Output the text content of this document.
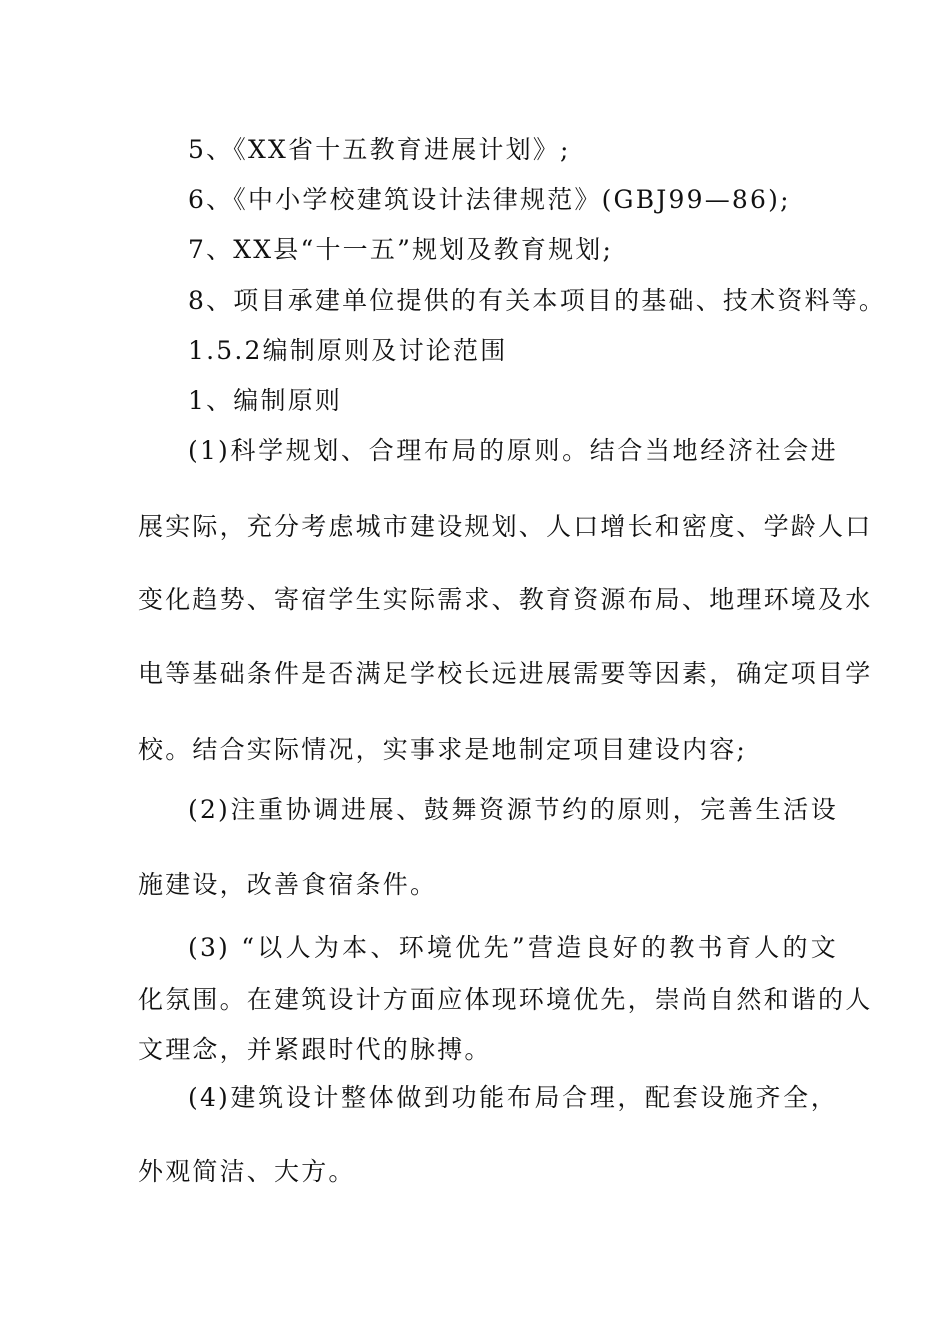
5、《XX省十五教育进展计划》;
6、《中小学校建筑设计法律规范》(GBJ99—86);
7、XX县“十一五”规划及教育规划;
8、项目承建单位提供的有关本项目的基础、技术资料等。
1.5.2编制原则及讨论范围
1、编制原则
(1)科学规划、合理布局的原则。结合当地经济社会进
展实际，充分考虑城市建设规划、人口增长和密度、学龄人口
变化趋势、寄宿学生实际需求、教育资源布局、地理环境及水
电等基础条件是否满足学校长远进展需要等因素，确定项目学
校。结合实际情况，实事求是地制定项目建设内容;
(2)注重协调进展、鼓舞资源节约的原则，完善生活设
施建设，改善食宿条件。
(3) “以人为本、环境优先”营造良好的教书育人的文
化氛围。在建筑设计方面应体现环境优先，崇尚自然和谐的人
文理念，并紧跟时代的脉搏。
(4)建筑设计整体做到功能布局合理，配套设施齐全，
外观简洁、大方。
